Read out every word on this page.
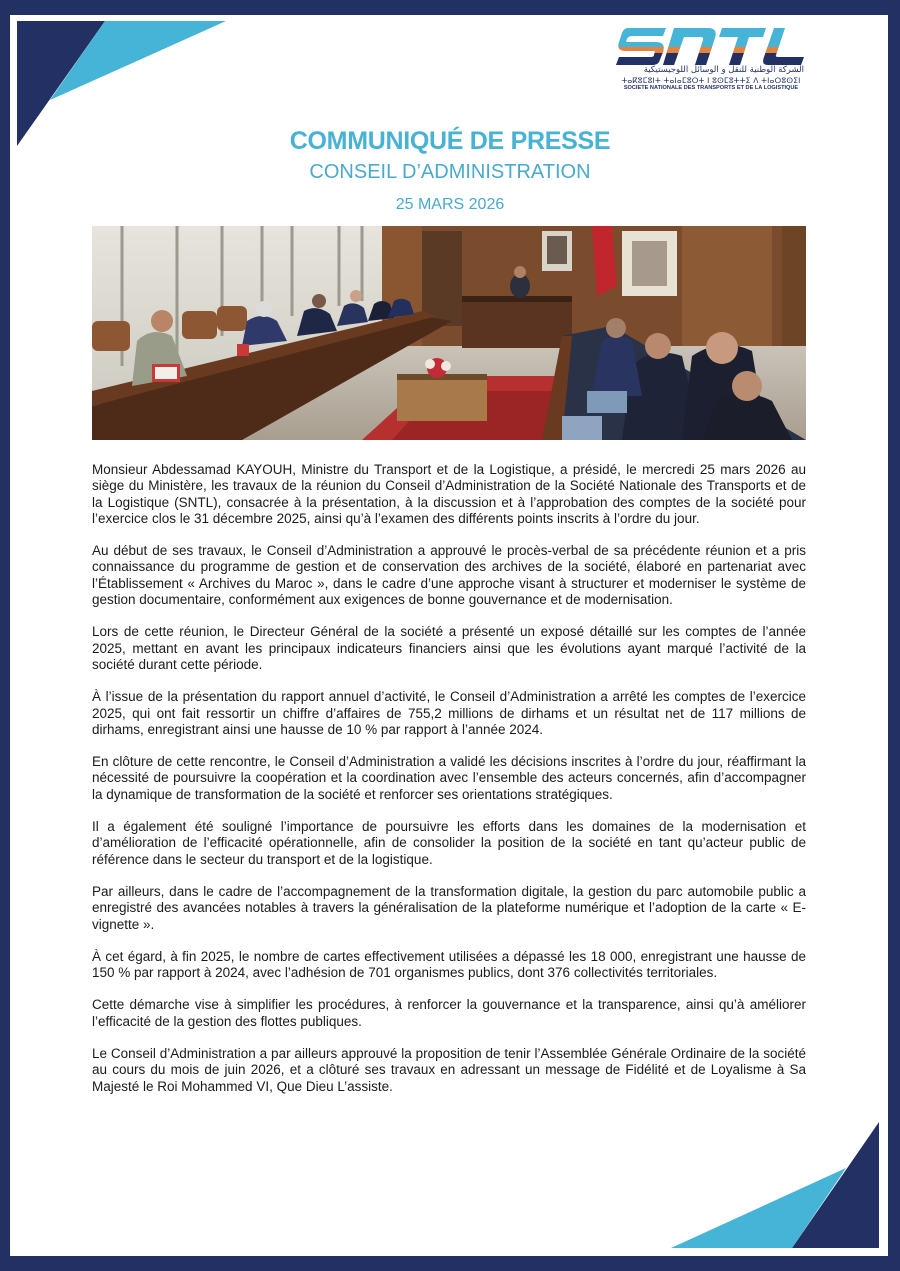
الشركة الوطنية للنقل و الوسائل اللوجيستيكية
ⵜⴰⴽⵓⵎⵓⵏⵜ ⵜⴰⵏⴰⵎⵓⵔⵜ ⵏ ⵓⵙⵎⵓⵜⵜⵉ ⴷ ⵜⵏⴰⵔⵓⵙⵉⵏ
SOCIETE NATIONALE DES TRANSPORTS ET DE LA LOGISTIQUE
COMMUNIQUÉ DE PRESSE
CONSEIL D’ADMINISTRATION
25 MARS 2026

Monsieur Abdessamad KAYOUH, Ministre du Transport et de la Logistique, a présidé, le mercredi 25 mars 2026 au siège du Ministère, les travaux de la réunion du Conseil d’Administration de la Société Nationale des Transports et de la Logistique (SNTL), consacrée à la présentation, à la discussion et à l’approbation des comptes de la société pour l’exercice clos le 31 décembre 2025, ainsi qu’à l’examen des différents points inscrits à l’ordre du jour.

Au début de ses travaux, le Conseil d’Administration a approuvé le procès-verbal de sa précédente réunion et a pris connaissance du programme de gestion et de conservation des archives de la société, élaboré en partenariat avec l’Établissement « Archives du Maroc », dans le cadre d’une approche visant à structurer et moderniser le système de gestion documentaire, conformément aux exigences de bonne gouvernance et de modernisation.

Lors de cette réunion, le Directeur Général de la société a présenté un exposé détaillé sur les comptes de l’année 2025, mettant en avant les principaux indicateurs financiers ainsi que les évolutions ayant marqué l’activité de la société durant cette période.

À l’issue de la présentation du rapport annuel d’activité, le Conseil d’Administration a arrêté les comptes de l’exercice 2025, qui ont fait ressortir un chiffre d’affaires de 755,2 millions de dirhams et un résultat net de 117 millions de dirhams, enregistrant ainsi une hausse de 10 % par rapport à l’année 2024.

En clôture de cette rencontre, le Conseil d’Administration a validé les décisions inscrites à l’ordre du jour, réaffirmant la nécessité de poursuivre la coopération et la coordination avec l’ensemble des acteurs concernés, afin d’accompagner la dynamique de transformation de la société et renforcer ses orientations stratégiques.

Il a également été souligné l’importance de poursuivre les efforts dans les domaines de la modernisation et d’amélioration de l’efficacité opérationnelle, afin de consolider la position de la société en tant qu’acteur public de référence dans le secteur du transport et de la logistique.

Par ailleurs, dans le cadre de l’accompagnement de la transformation digitale, la gestion du parc automobile public a enregistré des avancées notables à travers la généralisation de la plateforme numérique et l’adoption de la carte « E-vignette ».

À cet égard, à fin 2025, le nombre de cartes effectivement utilisées a dépassé les 18 000, enregistrant une hausse de 150 % par rapport à 2024, avec l’adhésion de 701 organismes publics, dont 376 collectivités territoriales.

Cette démarche vise à simplifier les procédures, à renforcer la gouvernance et la transparence, ainsi qu’à améliorer l’efficacité de la gestion des flottes publiques.

Le Conseil d’Administration a par ailleurs approuvé la proposition de tenir l’Assemblée Générale Ordinaire de la société au cours du mois de juin 2026, et a clôturé ses travaux en adressant un message de Fidélité et de Loyalisme à Sa Majesté le Roi Mohammed VI, Que Dieu L’assiste.
